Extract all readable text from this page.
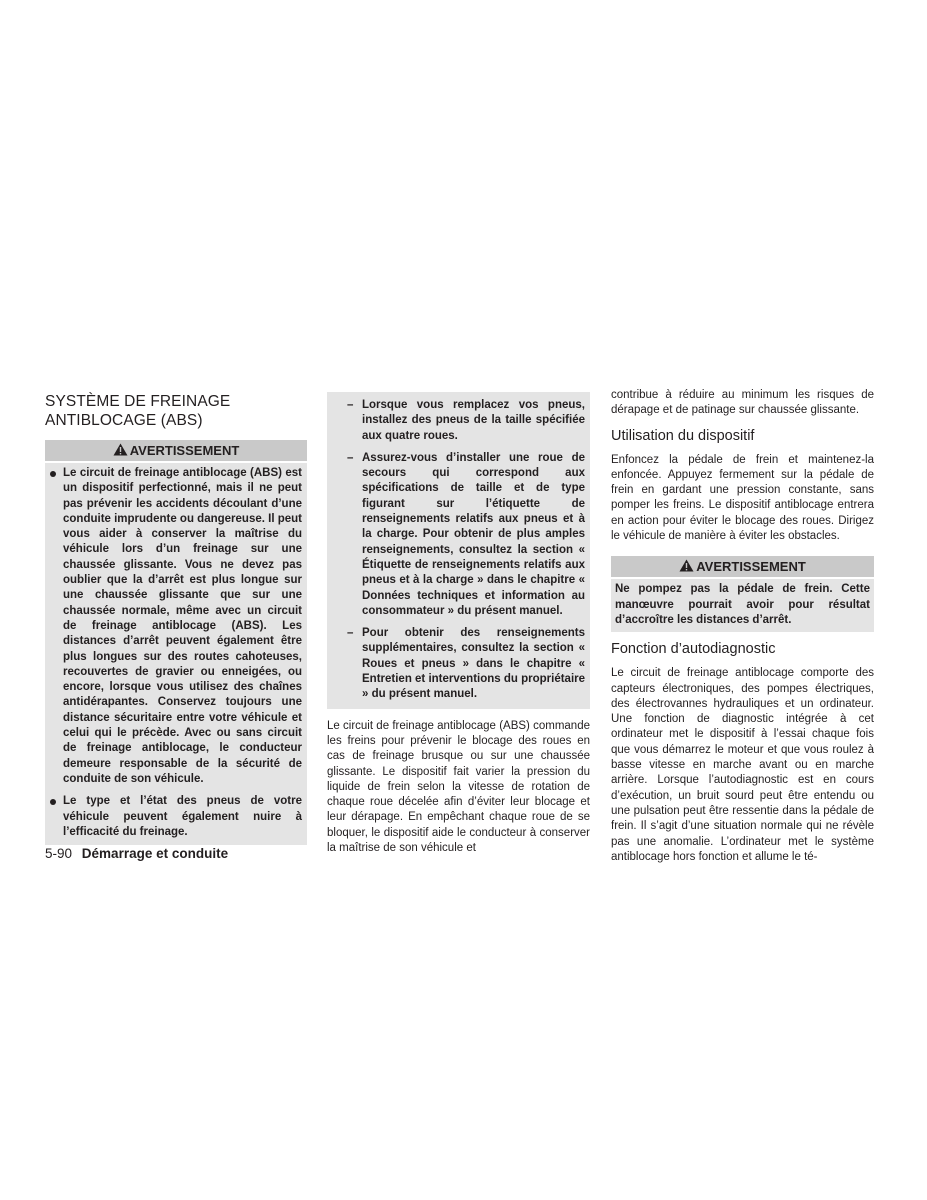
SYSTÈME DE FREINAGE
ANTIBLOCAGE (ABS)
AVERTISSEMENT
Le circuit de freinage antiblocage (ABS) est un dispositif perfectionné, mais il ne peut pas prévenir les accidents découlant d’une conduite imprudente ou dangereuse. Il peut vous aider à conserver la maîtrise du véhicule lors d’un freinage sur une chaussée glissante. Vous ne devez pas oublier que la d’arrêt est plus longue sur une chaussée glissante que sur une chaussée normale, même avec un circuit de freinage antiblocage (ABS). Les distances d’arrêt peuvent également être plus longues sur des routes cahoteuses, recouvertes de gravier ou enneigées, ou encore, lorsque vous utilisez des chaînes antidérapantes. Conservez toujours une distance sécuritaire entre votre véhicule et celui qui le précède. Avec ou sans circuit de freinage antiblocage, le conducteur demeure responsable de la sécurité de conduite de son véhicule.
Le type et l’état des pneus de votre véhicule peuvent également nuire à l’efficacité du freinage.
– Lorsque vous remplacez vos pneus, installez des pneus de la taille spécifiée aux quatre roues.
– Assurez-vous d’installer une roue de secours qui correspond aux spécifications de taille et de type figurant sur l’étiquette de renseignements relatifs aux pneus et à la charge. Pour obtenir de plus amples renseignements, consultez la section « Étiquette de renseignements relatifs aux pneus et à la charge » dans le chapitre « Données techniques et information au consommateur » du présent manuel.
– Pour obtenir des renseignements supplémentaires, consultez la section « Roues et pneus » dans le chapitre « Entretien et interventions du propriétaire » du présent manuel.

Le circuit de freinage antiblocage (ABS) commande les freins pour prévenir le blocage des roues en cas de freinage brusque ou sur une chaussée glissante. Le dispositif fait varier la pression du liquide de frein selon la vitesse de rotation de chaque roue décelée afin d’éviter leur blocage et leur dérapage. En empêchant chaque roue de se bloquer, le dispositif aide le conducteur à conserver la maîtrise de son véhicule et

contribue à réduire au minimum les risques de dérapage et de patinage sur chaussée glissante.

Utilisation du dispositif

Enfoncez la pédale de frein et maintenez-la enfoncée. Appuyez fermement sur la pédale de frein en gardant une pression constante, sans pomper les freins. Le dispositif antiblocage entrera en action pour éviter le blocage des roues. Dirigez le véhicule de manière à éviter les obstacles.

AVERTISSEMENT
Ne pompez pas la pédale de frein. Cette manœuvre pourrait avoir pour résultat d’accroître les distances d’arrêt.
Fonction d’autodiagnostic

Le circuit de freinage antiblocage comporte des capteurs électroniques, des pompes électriques, des électrovannes hydrauliques et un ordinateur. Une fonction de diagnostic intégrée à cet ordinateur met le dispositif à l’essai chaque fois que vous démarrez le moteur et que vous roulez à basse vitesse en marche avant ou en marche arrière. Lorsque l’autodiagnostic est en cours d’exécution, un bruit sourd peut être entendu ou une pulsation peut être ressentie dans la pédale de frein. Il s’agit d’une situation normale qui ne révèle pas une anomalie. L’ordinateur met le système antiblocage hors fonction et allume le té-

5-90 Démarrage et conduite
